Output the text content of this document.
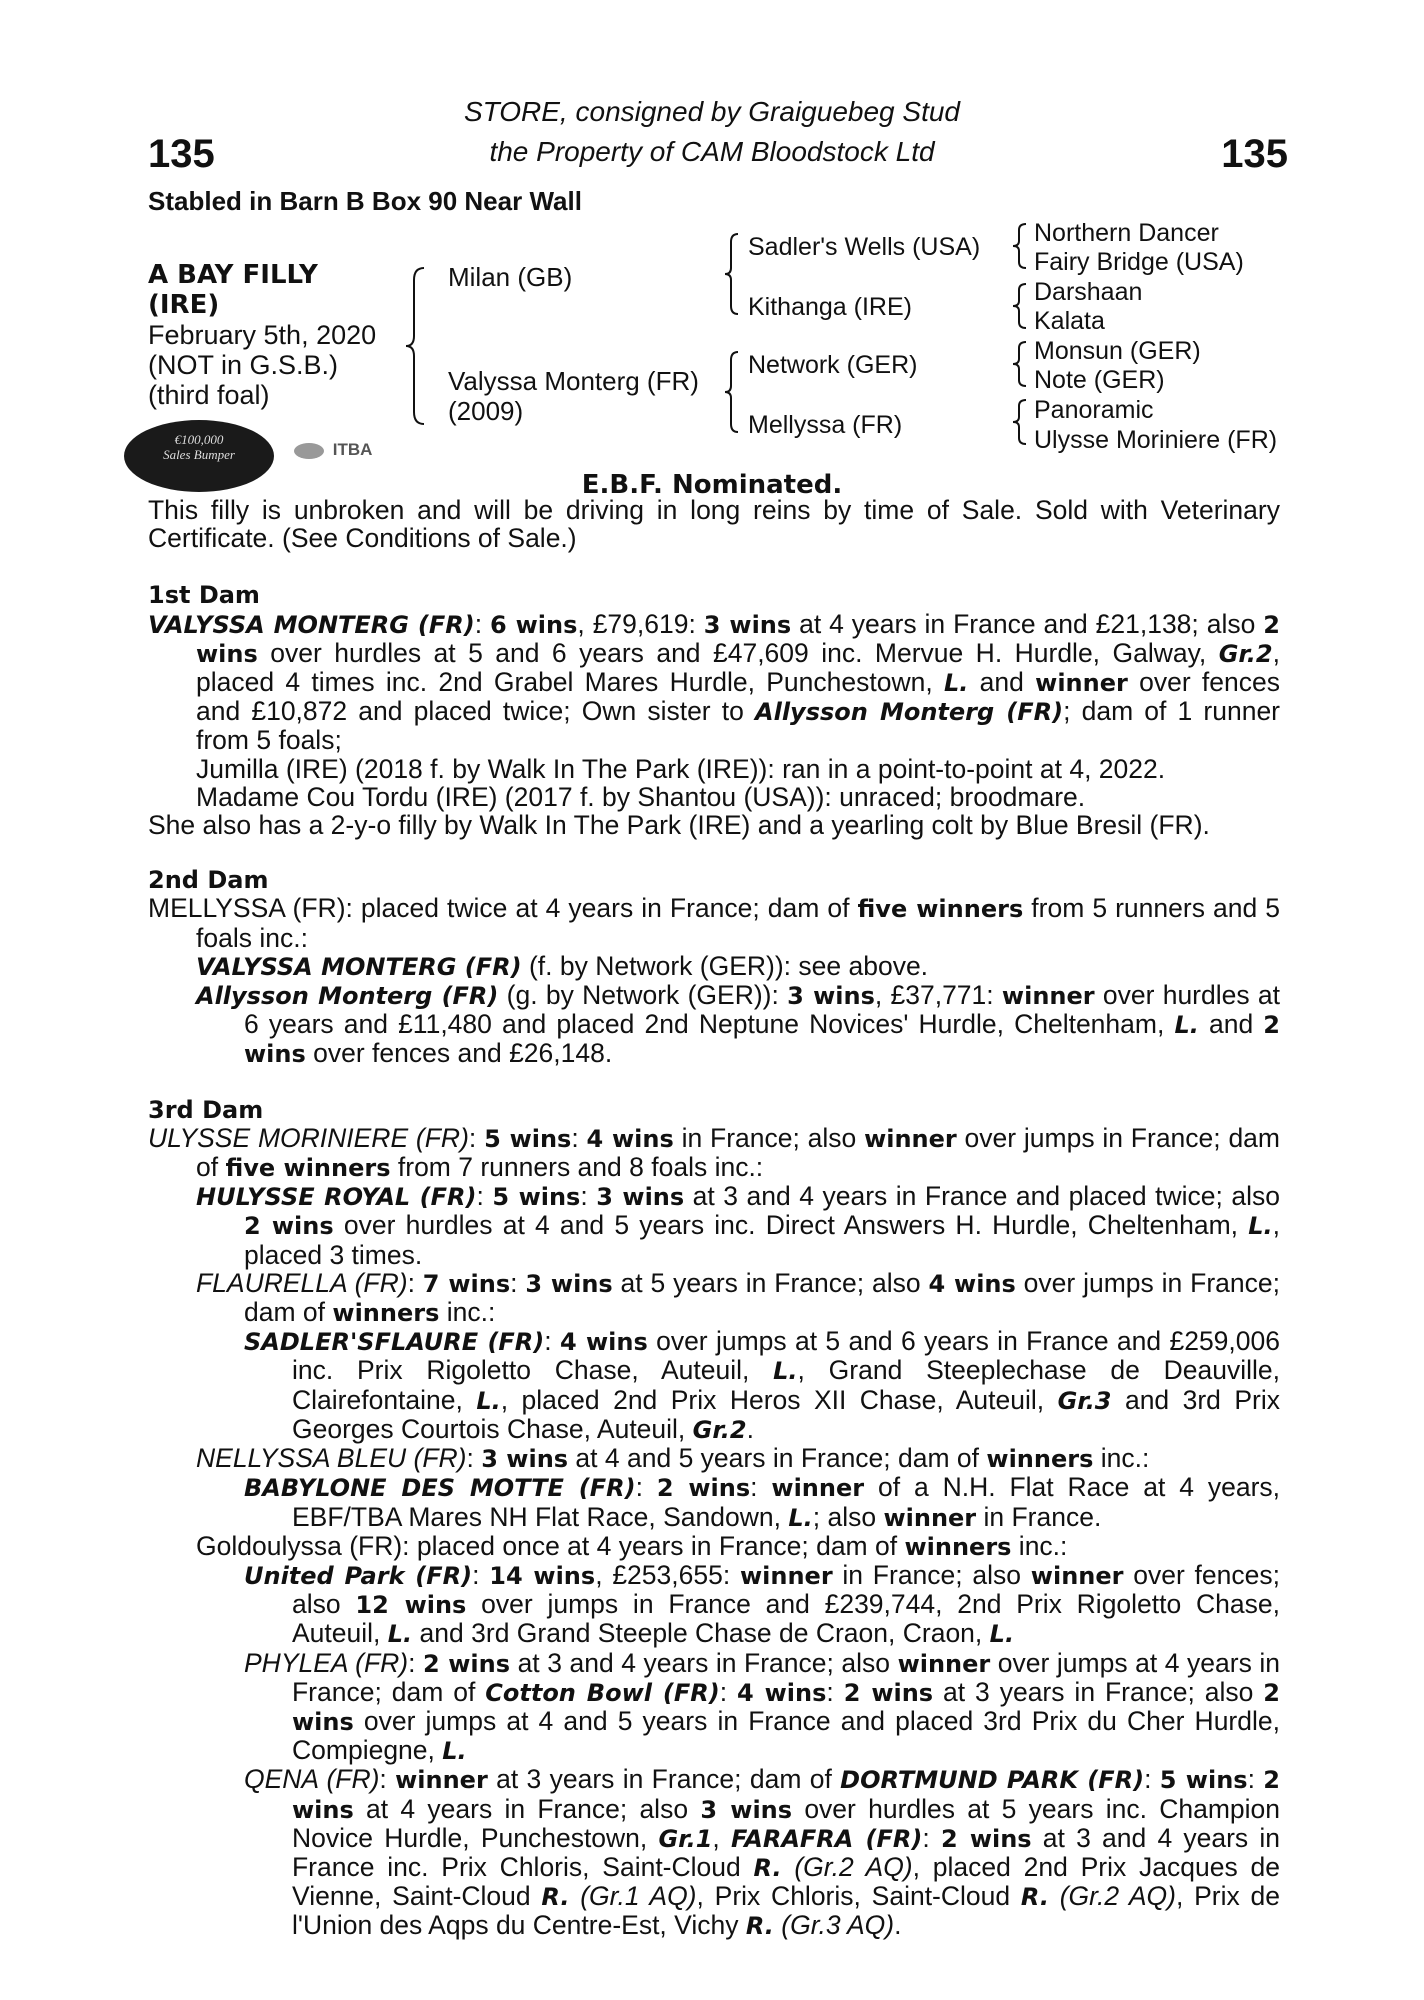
135	135
STORE, consigned by Graiguebeg Stud
the Property of CAM Bloodstock Ltd
Stabled in Barn B Box 90 Near Wall
A BAY FILLY
(IRE)
February 5th, 2020
(NOT in G.S.B.)
(third foal)
Milan (GB)
Valyssa Monterg (FR)
(2009)
Sadler's Wells (USA)
Kithanga (IRE)
Network (GER)
Mellyssa (FR)
Northern Dancer
Fairy Bridge (USA)
Darshaan
Kalata
Monsun (GER)
Note (GER)
Panoramic
Ulysse Moriniere (FR)
€100,000
Sales Bumper	ITBA
E.B.F. Nominated.

This filly is unbroken and will be driving in long reins by time of Sale. Sold with Veterinary Certificate. (See Conditions of Sale.)

1st Dam

VALYSSA MONTERG (FR): 6 wins, £79,619: 3 wins at 4 years in France and £21,138; also 2 wins over hurdles at 5 and 6 years and £47,609 inc. Mervue H. Hurdle, Galway, Gr.2, placed 4 times inc. 2nd Grabel Mares Hurdle, Punchestown, L. and winner over fences and £10,872 and placed twice; Own sister to Allysson Monterg (FR); dam of 1 runner from 5 foals;

Jumilla (IRE) (2018 f. by Walk In The Park (IRE)): ran in a point-to-point at 4, 2022.

Madame Cou Tordu (IRE) (2017 f. by Shantou (USA)): unraced; broodmare.

She also has a 2-y-o filly by Walk In The Park (IRE) and a yearling colt by Blue Bresil (FR).

2nd Dam

MELLYSSA (FR): placed twice at 4 years in France; dam of five winners from 5 runners and 5 foals inc.:

VALYSSA MONTERG (FR) (f. by Network (GER)): see above.

Allysson Monterg (FR) (g. by Network (GER)): 3 wins, £37,771: winner over hurdles at 6 years and £11,480 and placed 2nd Neptune Novices' Hurdle, Cheltenham, L. and 2 wins over fences and £26,148.

3rd Dam

ULYSSE MORINIERE (FR): 5 wins: 4 wins in France; also winner over jumps in France; dam of five winners from 7 runners and 8 foals inc.:

HULYSSE ROYAL (FR): 5 wins: 3 wins at 3 and 4 years in France and placed twice; also 2 wins over hurdles at 4 and 5 years inc. Direct Answers H. Hurdle, Cheltenham, L., placed 3 times.

FLAURELLA (FR): 7 wins: 3 wins at 5 years in France; also 4 wins over jumps in France; dam of winners inc.:

SADLER'SFLAURE (FR): 4 wins over jumps at 5 and 6 years in France and £259,006 inc. Prix Rigoletto Chase, Auteuil, L., Grand Steeplechase de Deauville, Clairefontaine, L., placed 2nd Prix Heros XII Chase, Auteuil, Gr.3 and 3rd Prix Georges Courtois Chase, Auteuil, Gr.2.

NELLYSSA BLEU (FR): 3 wins at 4 and 5 years in France; dam of winners inc.:

BABYLONE DES MOTTE (FR): 2 wins: winner of a N.H. Flat Race at 4 years, EBF/TBA Mares NH Flat Race, Sandown, L.; also winner in France.

Goldoulyssa (FR): placed once at 4 years in France; dam of winners inc.:

United Park (FR): 14 wins, £253,655: winner in France; also winner over fences; also 12 wins over jumps in France and £239,744, 2nd Prix Rigoletto Chase, Auteuil, L. and 3rd Grand Steeple Chase de Craon, Craon, L.

PHYLEA (FR): 2 wins at 3 and 4 years in France; also winner over jumps at 4 years in France; dam of Cotton Bowl (FR): 4 wins: 2 wins at 3 years in France; also 2 wins over jumps at 4 and 5 years in France and placed 3rd Prix du Cher Hurdle, Compiegne, L.

QENA (FR): winner at 3 years in France; dam of DORTMUND PARK (FR): 5 wins: 2 wins at 4 years in France; also 3 wins over hurdles at 5 years inc. Champion Novice Hurdle, Punchestown, Gr.1, FARAFRA (FR): 2 wins at 3 and 4 years in France inc. Prix Chloris, Saint-Cloud R. (Gr.2 AQ), placed 2nd Prix Jacques de Vienne, Saint-Cloud R. (Gr.1 AQ), Prix Chloris, Saint-Cloud R. (Gr.2 AQ), Prix de l'Union des Aqps du Centre-Est, Vichy R. (Gr.3 AQ).
